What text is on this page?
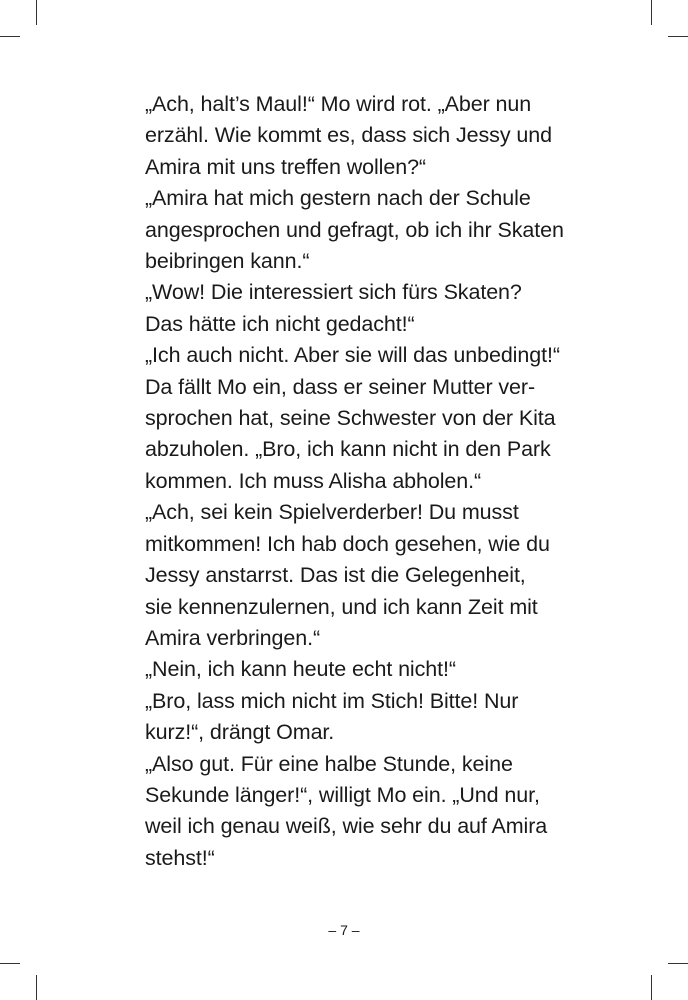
„Ach, halt’s Maul!“ Mo wird rot. „Aber nun
erzähl. Wie kommt es, dass sich Jessy und
Amira mit uns treffen wollen?“
„Amira hat mich gestern nach der Schule
angesprochen und gefragt, ob ich ihr Skaten
beibringen kann.“
„Wow! Die interessiert sich fürs Skaten?
Das hätte ich nicht gedacht!“
„Ich auch nicht. Aber sie will das unbedingt!“
Da fällt Mo ein, dass er seiner Mutter ver-
sprochen hat, seine Schwester von der Kita
abzuholen. „Bro, ich kann nicht in den Park
kommen. Ich muss Alisha abholen.“
„Ach, sei kein Spielverderber! Du musst
mitkommen! Ich hab doch gesehen, wie du
Jessy anstarrst. Das ist die Gelegenheit,
sie kennenzulernen, und ich kann Zeit mit
Amira verbringen.“
„Nein, ich kann heute echt nicht!“
„Bro, lass mich nicht im Stich! Bitte! Nur
kurz!“, drängt Omar.
„Also gut. Für eine halbe Stunde, keine
Sekunde länger!“, willigt Mo ein. „Und nur,
weil ich genau weiß, wie sehr du auf Amira
stehst!“
– 7 –
